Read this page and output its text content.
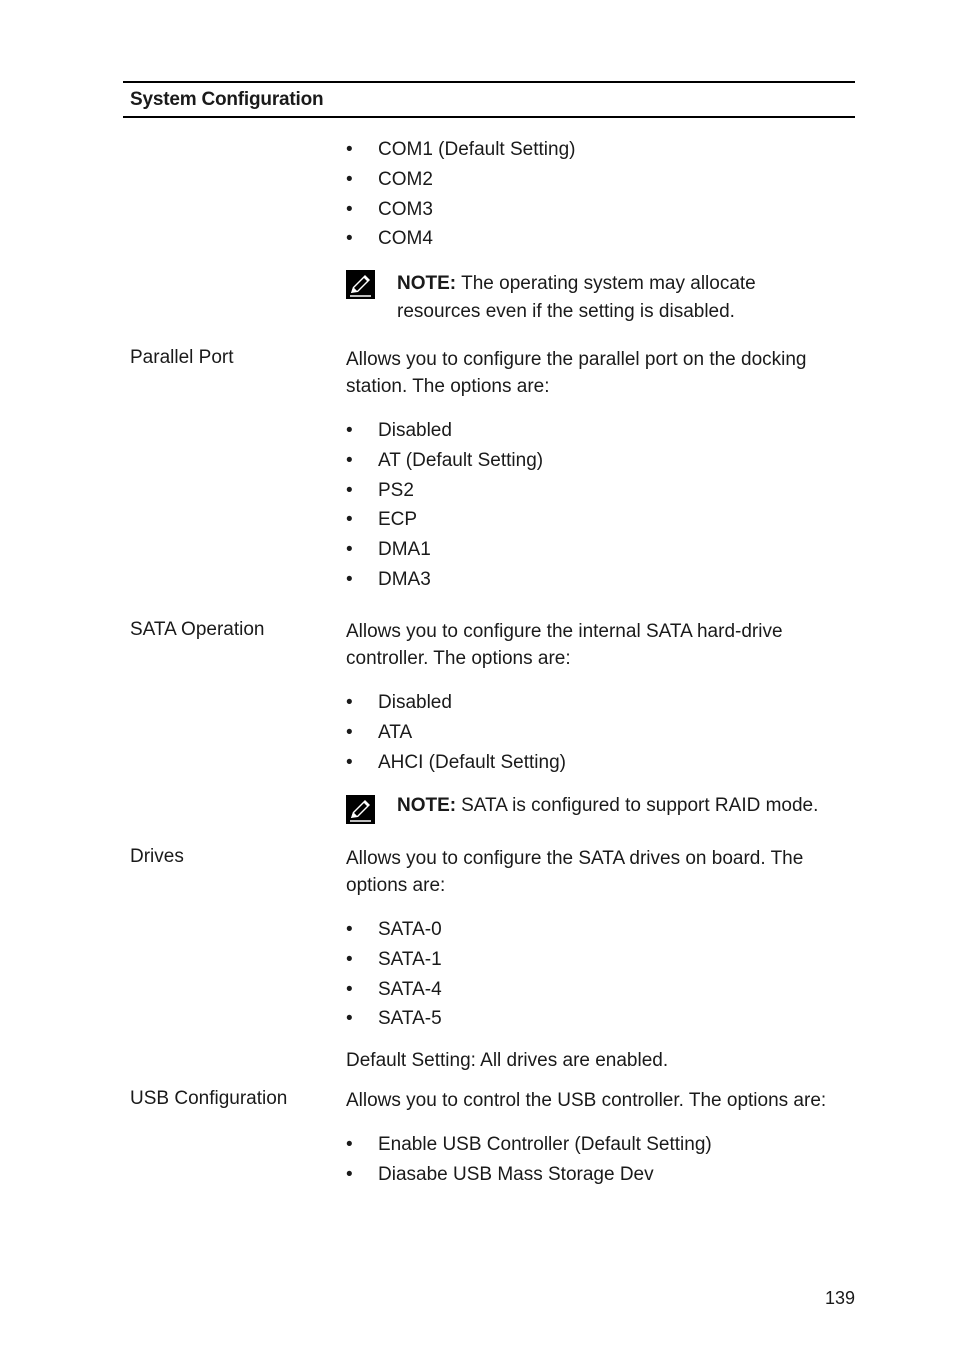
System Configuration
• COM1 (Default Setting)
• COM2
• COM3
• COM4
NOTE: The operating system may allocate resources even if the setting is disabled.
Parallel Port	Allows you to configure the parallel port on the docking station. The options are:
• Disabled
• AT (Default Setting)
• PS2
• ECP
• DMA1
• DMA3
SATA Operation	Allows you to configure the internal SATA hard-drive controller. The options are:
• Disabled
• ATA
• AHCI (Default Setting)
NOTE: SATA is configured to support RAID mode.
Drives	Allows you to configure the SATA drives on board. The options are:
• SATA-0
• SATA-1
• SATA-4
• SATA-5
Default Setting: All drives are enabled.
USB Configuration	Allows you to control the USB controller. The options are:
• Enable USB Controller (Default Setting)
• Diasabe USB Mass Storage Dev
139
